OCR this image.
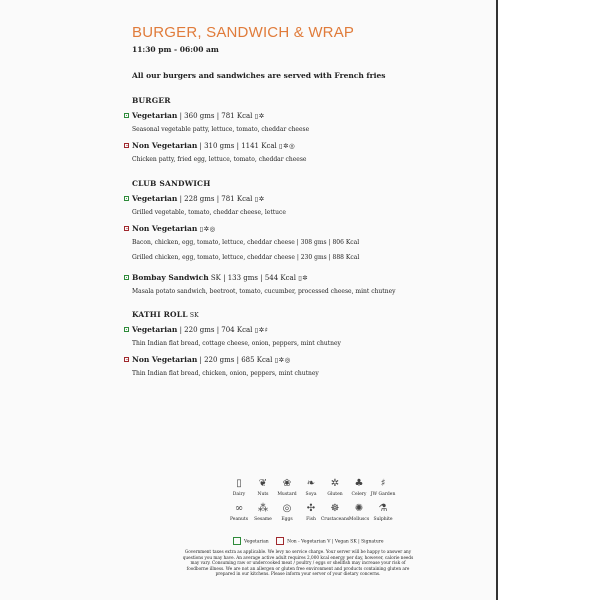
BURGER, SANDWICH & WRAP
11:30 pm - 06:00 am
All our burgers and sandwiches are served with French fries
BURGER
Vegetarian | 360 gms | 781 Kcal ▯✲
Seasonal vegetable patty, lettuce, tomato, cheddar cheese
Non Vegetarian | 310 gms | 1141 Kcal ▯✲◎
Chicken patty, fried egg, lettuce, tomato, cheddar cheese
CLUB SANDWICH
Vegetarian | 228 gms | 781 Kcal ▯✲
Grilled vegetable, tomato, cheddar cheese, lettuce
Non Vegetarian ▯✲◎
Bacon, chicken, egg, tomato, lettuce, cheddar cheese | 308 gms | 806 Kcal
Grilled chicken, egg, tomato, lettuce, cheddar cheese | 230 gms | 888 Kcal
Bombay Sandwich SK | 133 gms | 544 Kcal ▯✲
Masala potato sandwich, beetroot, tomato, cucumber, processed cheese, mint chutney
KATHI ROLL SK
Vegetarian | 220 gms | 704 Kcal ▯✲♯
Thin Indian flat bread, cottage cheese, onion, peppers, mint chutney
Non Vegetarian | 220 gms | 685 Kcal ▯✲◎
Thin Indian flat bread, chicken, onion, peppers, mint chutney
▯
Dairy
❦
Nuts
❀
Mustard
❧
Soya
✲
Gluten
♣
Celery
♯
JW Garden
∞
Peanuts
⁂
Sesame
◎
Eggs
✣
Fish
☸
Crustaceans
✺
Molluscs
⚗
Sulphite
Vegetarian	Non - Vegetarian V | Vegan SK | Signature
Government taxes extra as applicable. We levy no service charge. Your server will be happy to answer any questions you may have. An average active adult requires 2,000 kcal energy per day, however, calorie needs may vary. Consuming raw or undercooked meat / poultry / eggs or shellfish may increase your risk of foodborne illness. We are not an allergen or gluten free environment and products containing gluten are prepared in our kitchens. Please inform your server of your dietary concerns.
